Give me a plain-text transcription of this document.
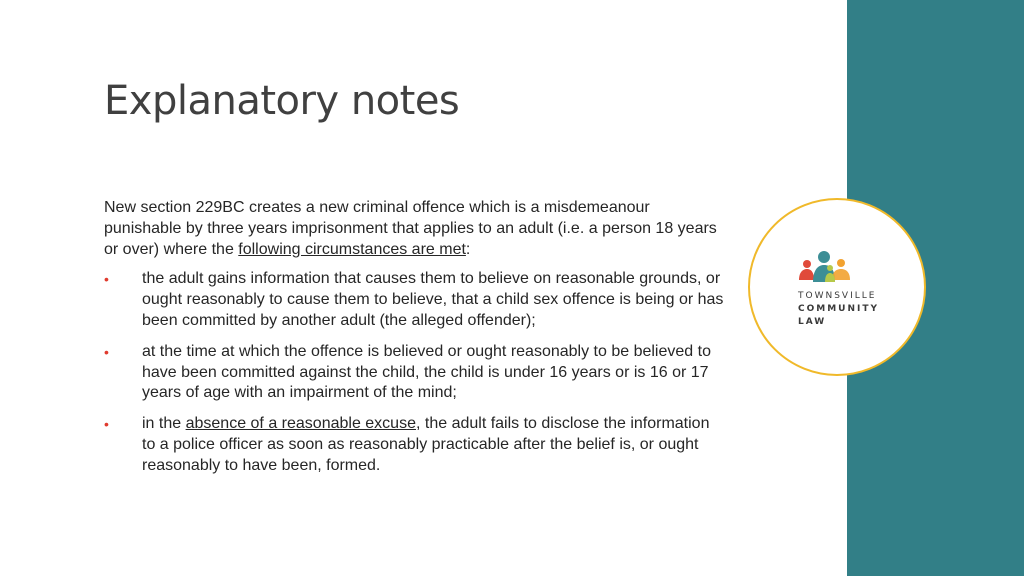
Explanatory notes

New section 229BC creates a new criminal offence which is a misdemeanour punishable by three years imprisonment that applies to an adult (i.e. a person 18 years or over) where the following circumstances are met:

• the adult gains information that causes them to believe on reasonable grounds, or ought reasonably to cause them to believe, that a child sex offence is being or has been committed by another adult (the alleged offender);
• at the time at which the offence is believed or ought reasonably to be believed to have been committed against the child, the child is under 16 years or is 16 or 17 years of age with an impairment of the mind;
• in the absence of a reasonable excuse, the adult fails to disclose the information to a police officer as soon as reasonably practicable after the belief is, or ought reasonably to have been, formed.
TOWNSVILLE
COMMUNITY
LAW
